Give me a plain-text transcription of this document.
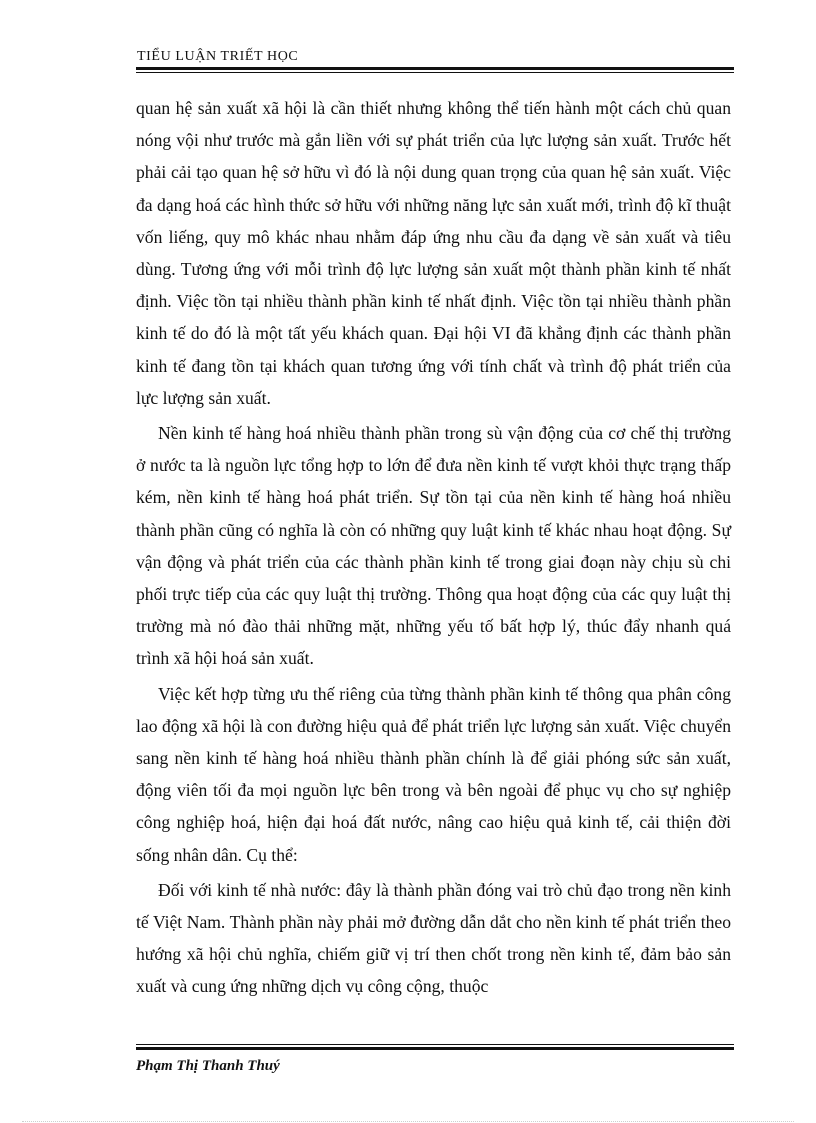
TIỂU LUẬN TRIẾT HỌC

quan hệ sản xuất xã hội là cần thiết nhưng không thể tiến hành một cách chủ quan nóng vội như trước mà gắn liền với sự phát triển của lực lượng sản xuất. Trước hết phải cải tạo quan hệ sở hữu vì đó là nội dung quan trọng của quan hệ sản xuất. Việc đa dạng hoá các hình thức sở hữu với những năng lực sản xuất mới, trình độ kĩ thuật vốn liếng, quy mô khác nhau nhằm đáp ứng nhu cầu đa dạng về sản xuất và tiêu dùng. Tương ứng với mỗi trình độ lực lượng sản xuất một thành phần kinh tế nhất định. Việc tồn tại nhiều thành phần kinh tế nhất định. Việc tồn tại nhiều thành phần kinh tế do đó là một tất yếu khách quan. Đại hội VI đã khẳng định các thành phần kinh tế đang tồn tại khách quan tương ứng với tính chất và trình độ phát triển của lực lượng sản xuất.

Nền kinh tế hàng hoá nhiều thành phần trong sù vận động của cơ chế thị trường ở nước ta là nguồn lực tổng hợp to lớn để đưa nền kinh tế vượt khỏi thực trạng thấp kém, nền kinh tế hàng hoá phát triển. Sự tồn tại của nền kinh tế hàng hoá nhiều thành phần cũng có nghĩa là còn có những quy luật kinh tế khác nhau hoạt động. Sự vận động và phát triển của các thành phần kinh tế trong giai đoạn này chịu sù chi phối trực tiếp của các quy luật thị trường. Thông qua hoạt động của các quy luật thị trường mà nó đào thải những mặt, những yếu tố bất hợp lý, thúc đẩy nhanh quá trình xã hội hoá sản xuất.

Việc kết hợp từng ưu thế riêng của từng thành phần kinh tế thông qua phân công lao động xã hội là con đường hiệu quả để phát triển lực lượng sản xuất. Việc chuyển sang nền kinh tế hàng hoá nhiều thành phần chính là để giải phóng sức sản xuất, động viên tối đa mọi nguồn lực bên trong và bên ngoài để phục vụ cho sự nghiệp công nghiệp hoá, hiện đại hoá đất nước, nâng cao hiệu quả kinh tế, cải thiện đời sống nhân dân. Cụ thể:

Đối với kinh tế nhà nước: đây là thành phần đóng vai trò chủ đạo trong nền kinh tế Việt Nam. Thành phần này phải mở đường dẫn dắt cho nền kinh tế phát triển theo hướng xã hội chủ nghĩa, chiếm giữ vị trí then chốt trong nền kinh tế, đảm bảo sản xuất và cung ứng những dịch vụ công cộng, thuộc

Phạm Thị Thanh Thuý
